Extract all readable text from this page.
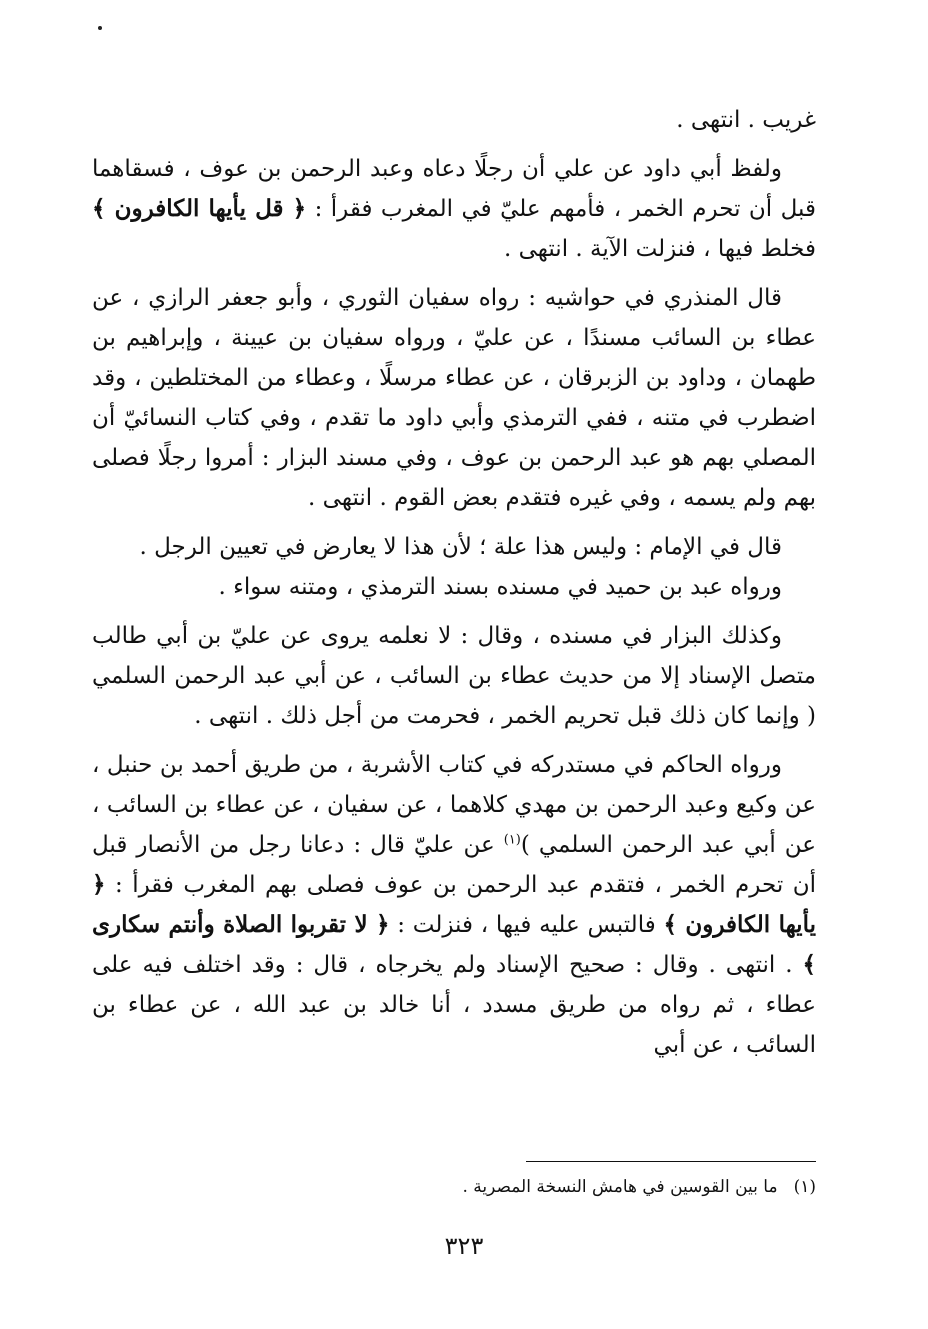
غريب . انتهى .

ولفظ أبي داود عن علي أن رجلًا دعاه وعبد الرحمن بن عوف ، فسقاهما قبل أن تحرم الخمر ، فأمهم عليّ في المغرب فقرأ : ﴿ قل يأيها الكافرون ﴾ فخلط فيها ، فنزلت الآية . انتهى .

قال المنذري في حواشيه : رواه سفيان الثوري ، وأبو جعفر الرازي ، عن عطاء بن السائب مسندًا ، عن عليّ ، ورواه سفيان بن عيينة ، وإبراهيم بن طهمان ، وداود بن الزبرقان ، عن عطاء مرسلًا ، وعطاء من المختلطين ، وقد اضطرب في متنه ، ففي الترمذي وأبي داود ما تقدم ، وفي كتاب النسائيّ أن المصلي بهم هو عبد الرحمن بن عوف ، وفي مسند البزار : أمروا رجلًا فصلى بهم ولم يسمه ، وفي غيره فتقدم بعض القوم . انتهى .

قال في الإمام : وليس هذا علة ؛ لأن هذا لا يعارض في تعيين الرجل .

ورواه عبد بن حميد في مسنده بسند الترمذي ، ومتنه سواء .

وكذلك البزار في مسنده ، وقال : لا نعلمه يروى عن عليّ بن أبي طالب متصل الإسناد إلا من حديث عطاء بن السائب ، عن أبي عبد الرحمن السلمي ( وإنما كان ذلك قبل تحريم الخمر ، فحرمت من أجل ذلك . انتهى .

ورواه الحاكم في مستدركه في كتاب الأشربة ، من طريق أحمد بن حنبل ، عن وكيع وعبد الرحمن بن مهدي كلاهما ، عن سفيان ، عن عطاء بن السائب ، عن أبي عبد الرحمن السلمي )$^{(١)}$ عن عليّ قال : دعانا رجل من الأنصار قبل أن تحرم الخمر ، فتقدم عبد الرحمن بن عوف فصلى بهم المغرب فقرأ : ﴿ يأيها الكافرون ﴾ فالتبس عليه فيها ، فنزلت : ﴿ لا تقربوا الصلاة وأنتم سكارى ﴾ . انتهى . وقال : صحيح الإسناد ولم يخرجاه ، قال : وقد اختلف فيه على عطاء ، ثم رواه من طريق مسدد ، أنا خالد بن عبد الله ، عن عطاء بن السائب ، عن أبي

(١)ما بين القوسين في هامش النسخة المصرية .
٣٢٣
